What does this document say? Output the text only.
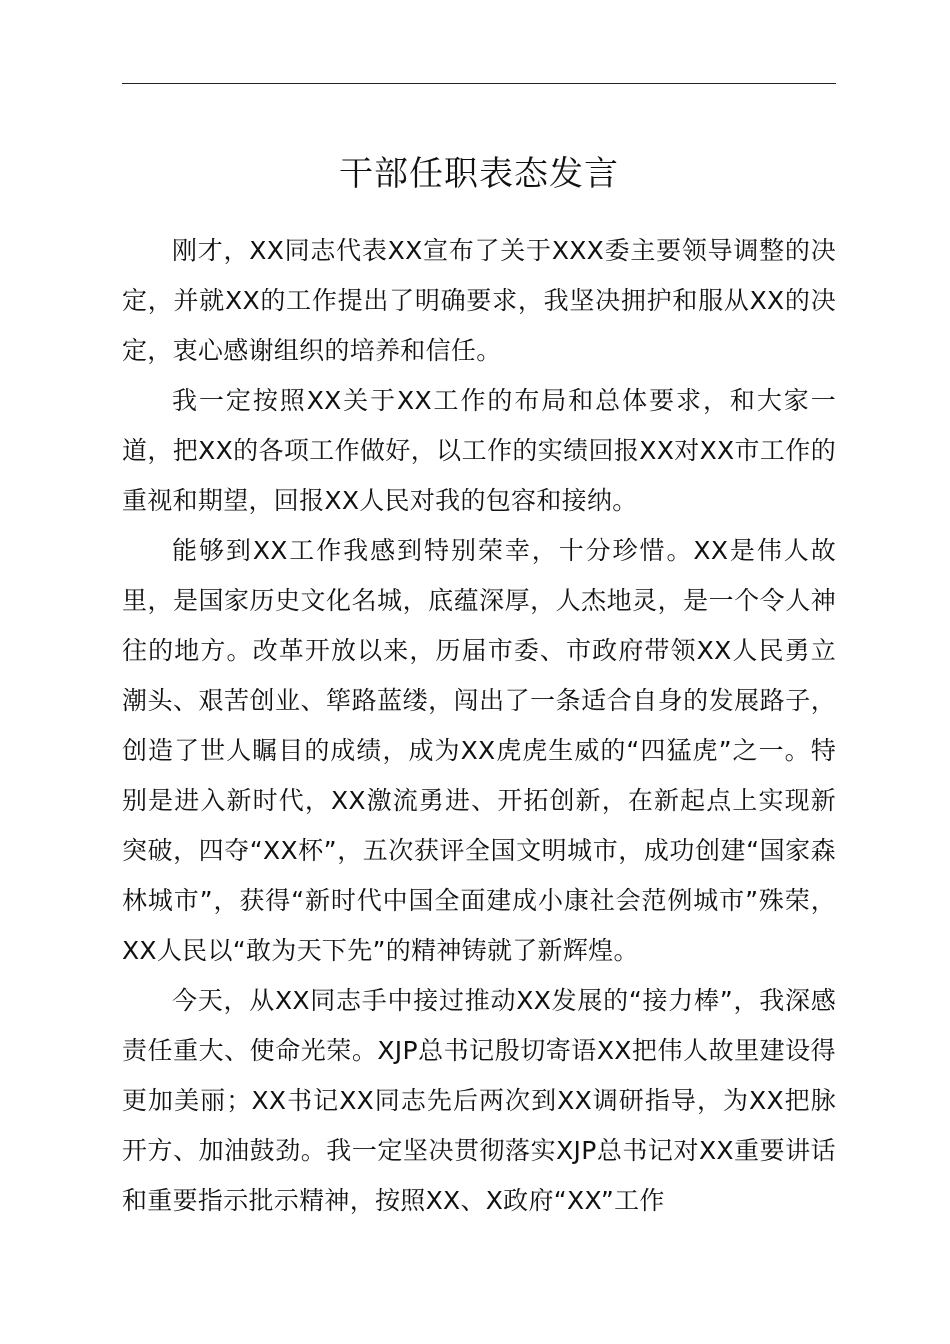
干部任职表态发言

刚才，XX同志代表XX宣布了关于XXX委主要领导调整的决定，并就XX的工作提出了明确要求，我坚决拥护和服从XX的决定，衷心感谢组织的培养和信任。

我一定按照XX关于XX工作的布局和总体要求，和大家一道，把XX的各项工作做好，以工作的实绩回报XX对XX市工作的重视和期望，回报XX人民对我的包容和接纳。

能够到XX工作我感到特别荣幸，十分珍惜。XX是伟人故里，是国家历史文化名城，底蕴深厚，人杰地灵，是一个令人神往的地方。改革开放以来，历届市委、市政府带领XX人民勇立潮头、艰苦创业、筚路蓝缕，闯出了一条适合自身的发展路子，创造了世人瞩目的成绩，成为XX虎虎生威的“四猛虎”之一。特别是进入新时代，XX激流勇进、开拓创新，在新起点上实现新突破，四夺“XX杯”，五次获评全国文明城市，成功创建“国家森林城市”，获得“新时代中国全面建成小康社会范例城市”殊荣，XX人民以“敢为天下先”的精神铸就了新辉煌。

今天，从XX同志手中接过推动XX发展的“接力棒”，我深感责任重大、使命光荣。XJP总书记殷切寄语XX把伟人故里建设得更加美丽；XX书记XX同志先后两次到XX调研指导，为XX把脉开方、加油鼓劲。我一定坚决贯彻落实XJP总书记对XX重要讲话和重要指示批示精神，按照XX、X政府“XX”工作
